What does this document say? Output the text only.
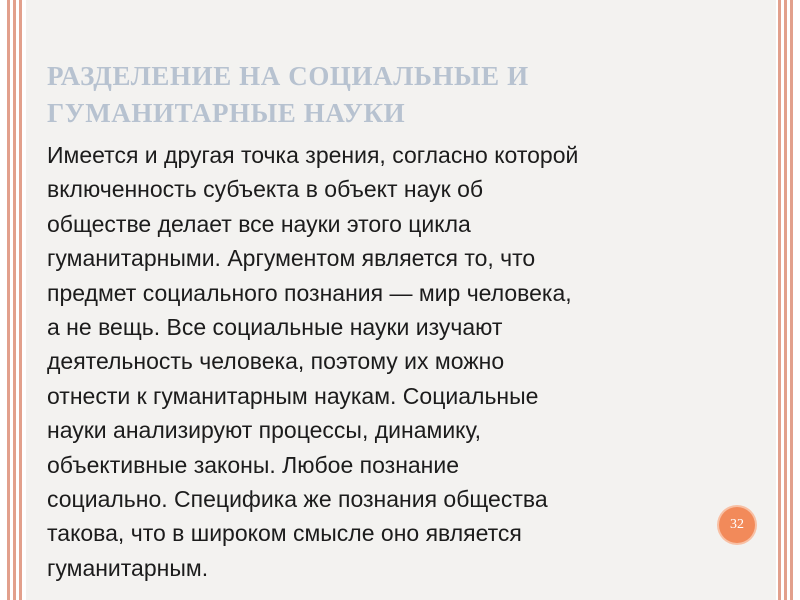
РАЗДЕЛЕНИЕ НА СОЦИАЛЬНЫЕ И
ГУМАНИТАРНЫЕ НАУКИ
Имеется и другая точка зрения, согласно которой
включенность субъекта в объект наук об
обществе делает все науки этого цикла
гуманитарными. Аргументом является то, что
предмет социального познания — мир человека,
а не вещь. Все социальные науки изучают
деятельность человека, поэтому их можно
отнести к гуманитарным наукам. Социальные
науки анализируют процессы, динамику,
объективные законы. Любое познание
социально. Специфика же познания общества
такова, что в широком смысле оно является
гуманитарным.
32
